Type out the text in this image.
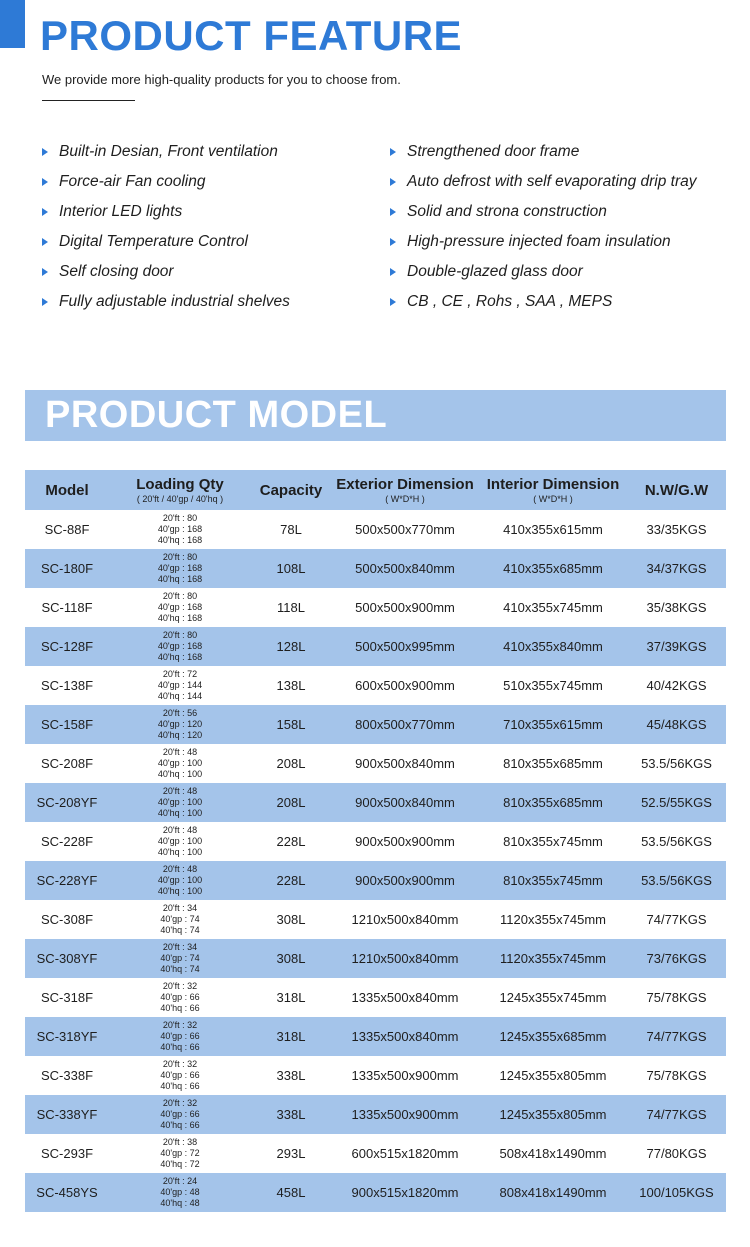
PRODUCT FEATURE

We provide more high-quality products for you to choose from.

Built-in Desian, Front ventilation
Force-air Fan cooling
Interior LED lights
Digital Temperature Control
Self closing door
Fully adjustable industrial shelves
Strengthened door frame
Auto defrost with self evaporating drip tray
Solid and strona construction
High-pressure injected foam insulation
Double-glazed glass door
CB , CE , Rohs , SAA , MEPS
PRODUCT MODEL
Model	Loading Qty
( 20'ft / 40'gp / 40'hq )	Capacity	Exterior Dimension
( W*D*H )	Interior Dimension
( W*D*H )	N.W/G.W
SC-88F	20'ft : 80
40'gp : 168
40'hq : 168	78L	500x500x770mm	410x355x615mm	33/35KGS
SC-180F	20'ft : 80
40'gp : 168
40'hq : 168	108L	500x500x840mm	410x355x685mm	34/37KGS
SC-118F	20'ft : 80
40'gp : 168
40'hq : 168	118L	500x500x900mm	410x355x745mm	35/38KGS
SC-128F	20'ft : 80
40'gp : 168
40'hq : 168	128L	500x500x995mm	410x355x840mm	37/39KGS
SC-138F	20'ft : 72
40'gp : 144
40'hq : 144	138L	600x500x900mm	510x355x745mm	40/42KGS
SC-158F	20'ft : 56
40'gp : 120
40'hq : 120	158L	800x500x770mm	710x355x615mm	45/48KGS
SC-208F	20'ft : 48
40'gp : 100
40'hq : 100	208L	900x500x840mm	810x355x685mm	53.5/56KGS
SC-208YF	20'ft : 48
40'gp : 100
40'hq : 100	208L	900x500x840mm	810x355x685mm	52.5/55KGS
SC-228F	20'ft : 48
40'gp : 100
40'hq : 100	228L	900x500x900mm	810x355x745mm	53.5/56KGS
SC-228YF	20'ft : 48
40'gp : 100
40'hq : 100	228L	900x500x900mm	810x355x745mm	53.5/56KGS
SC-308F	20'ft : 34
40'gp : 74
40'hq : 74	308L	1210x500x840mm	1120x355x745mm	74/77KGS
SC-308YF	20'ft : 34
40'gp : 74
40'hq : 74	308L	1210x500x840mm	1120x355x745mm	73/76KGS
SC-318F	20'ft : 32
40'gp : 66
40'hq : 66	318L	1335x500x840mm	1245x355x745mm	75/78KGS
SC-318YF	20'ft : 32
40'gp : 66
40'hq : 66	318L	1335x500x840mm	1245x355x685mm	74/77KGS
SC-338F	20'ft : 32
40'gp : 66
40'hq : 66	338L	1335x500x900mm	1245x355x805mm	75/78KGS
SC-338YF	20'ft : 32
40'gp : 66
40'hq : 66	338L	1335x500x900mm	1245x355x805mm	74/77KGS
SC-293F	20'ft : 38
40'gp : 72
40'hq : 72	293L	600x515x1820mm	508x418x1490mm	77/80KGS
SC-458YS	20'ft : 24
40'gp : 48
40'hq : 48	458L	900x515x1820mm	808x418x1490mm	100/105KGS
